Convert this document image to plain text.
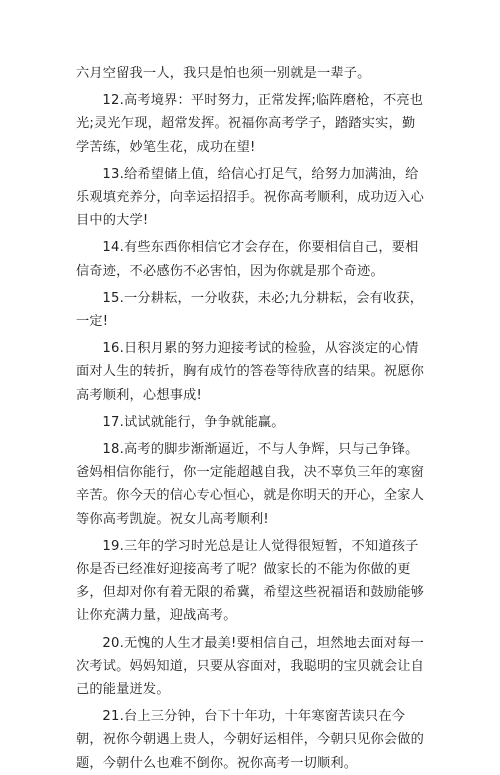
六月空留我一人，我只是怕也须一别就是一辈子。

12.高考境界：平时努力，正常发挥;临阵磨枪，不亮也光;灵光乍现，超常发挥。祝福你高考学子，踏踏实实，勤学苦练，妙笔生花，成功在望!

13.给希望储上值，给信心打足气，给努力加满油，给乐观填充养分，向幸运招招手。祝你高考顺利，成功迈入心目中的大学!

14.有些东西你相信它才会存在，你要相信自己，要相信奇迹，不必感伤不必害怕，因为你就是那个奇迹。

15.一分耕耘，一分收获，未必;九分耕耘，会有收获，一定!

16.日积月累的努力迎接考试的检验，从容淡定的心情面对人生的转折，胸有成竹的答卷等待欣喜的结果。祝愿你高考顺利，心想事成!

17.试试就能行，争争就能赢。

18.高考的脚步渐渐逼近，不与人争辉，只与己争锋。爸妈相信你能行，你一定能超越自我，决不辜负三年的寒窗辛苦。你今天的信心专心恒心，就是你明天的开心，全家人等你高考凯旋。祝女儿高考顺利!

19.三年的学习时光总是让人觉得很短暂，不知道孩子你是否已经准好迎接高考了呢？做家长的不能为你做的更多，但却对你有着无限的希冀，希望这些祝福语和鼓励能够让你充满力量，迎战高考。

20.无愧的人生才最美!要相信自己，坦然地去面对每一次考试。妈妈知道，只要从容面对，我聪明的宝贝就会让自己的能量迸发。

21.台上三分钟，台下十年功，十年寒窗苦读只在今朝，祝你今朝遇上贵人，今朝好运相伴，今朝只见你会做的题，今朝什么也难不倒你。祝你高考一切顺利。
